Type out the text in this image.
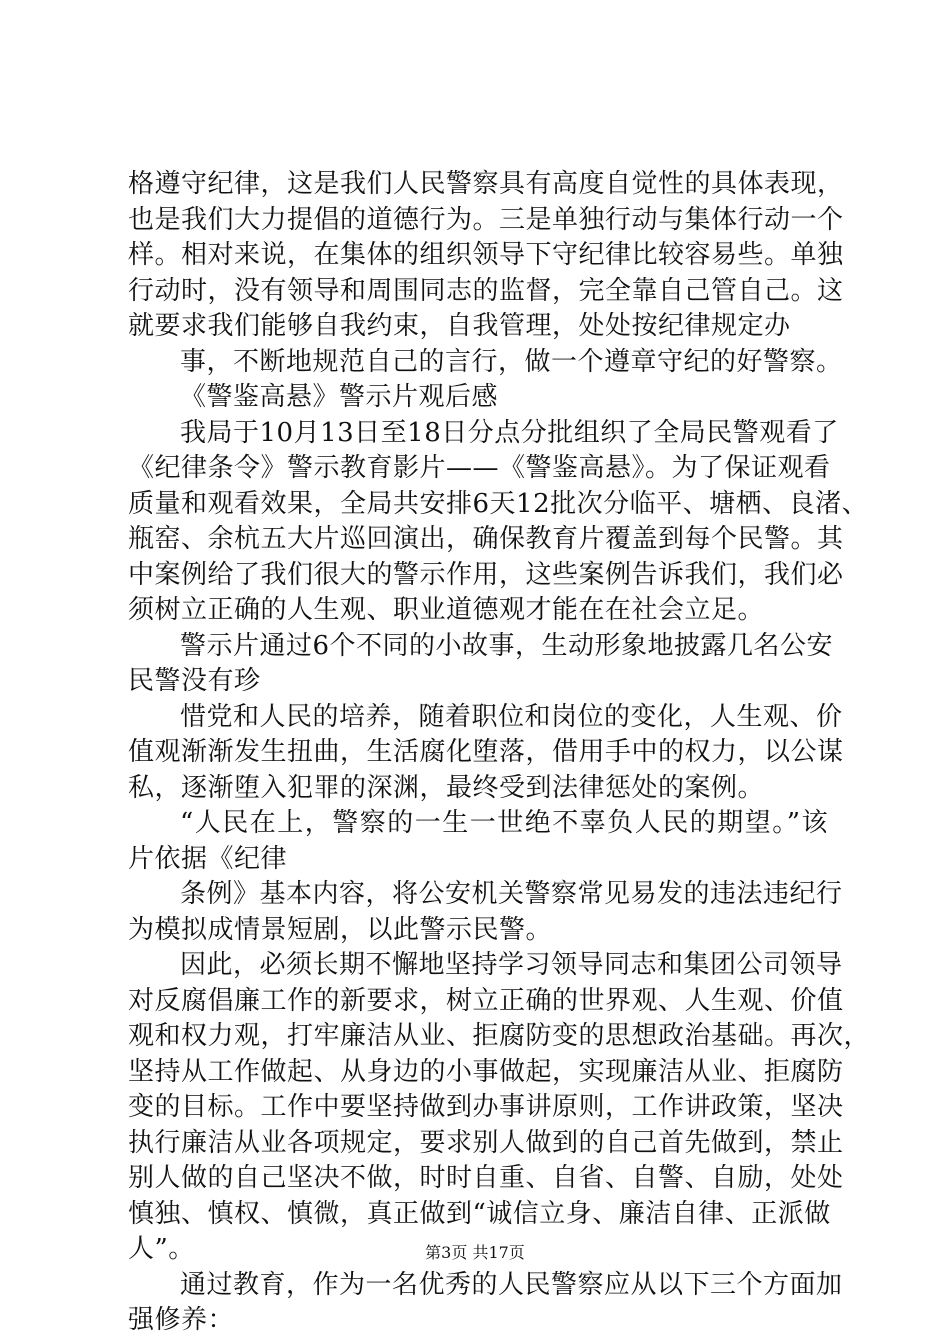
格遵守纪律，这是我们人民警察具有高度自觉性的具体表现，
也是我们大力提倡的道德行为。三是单独行动与集体行动一个
样。相对来说，在集体的组织领导下守纪律比较容易些。单独
行动时，没有领导和周围同志的监督，完全靠自己管自己。这
就要求我们能够自我约束，自我管理，处处按纪律规定办
事，不断地规范自己的言行，做一个遵章守纪的好警察。
《警鉴高悬》警示片观后感
我局于10月13日至18日分点分批组织了全局民警观看了
《纪律条令》警示教育影片——《警鉴高悬》。为了保证观看
质量和观看效果，全局共安排6天12批次分临平、塘栖、良渚、
瓶窑、余杭五大片巡回演出，确保教育片覆盖到每个民警。其
中案例给了我们很大的警示作用，这些案例告诉我们，我们必
须树立正确的人生观、职业道德观才能在在社会立足。
警示片通过6个不同的小故事，生动形象地披露几名公安
民警没有珍
惜党和人民的培养，随着职位和岗位的变化，人生观、价
值观渐渐发生扭曲，生活腐化堕落，借用手中的权力，以公谋
私，逐渐堕入犯罪的深渊，最终受到法律惩处的案例。
“人民在上，警察的一生一世绝不辜负人民的期望。”该
片依据《纪律
条例》基本内容，将公安机关警察常见易发的违法违纪行
为模拟成情景短剧，以此警示民警。
因此，必须长期不懈地坚持学习领导同志和集团公司领导
对反腐倡廉工作的新要求，树立正确的世界观、人生观、价值
观和权力观，打牢廉洁从业、拒腐防变的思想政治基础。再次，
坚持从工作做起、从身边的小事做起，实现廉洁从业、拒腐防
变的目标。工作中要坚持做到办事讲原则，工作讲政策，坚决
执行廉洁从业各项规定，要求别人做到的自己首先做到，禁止
别人做的自己坚决不做，时时自重、自省、自警、自励，处处
慎独、慎权、慎微，真正做到“诚信立身、廉洁自律、正派做
人”。
通过教育，作为一名优秀的人民警察应从以下三个方面加
强修养：
第3页 共17页
